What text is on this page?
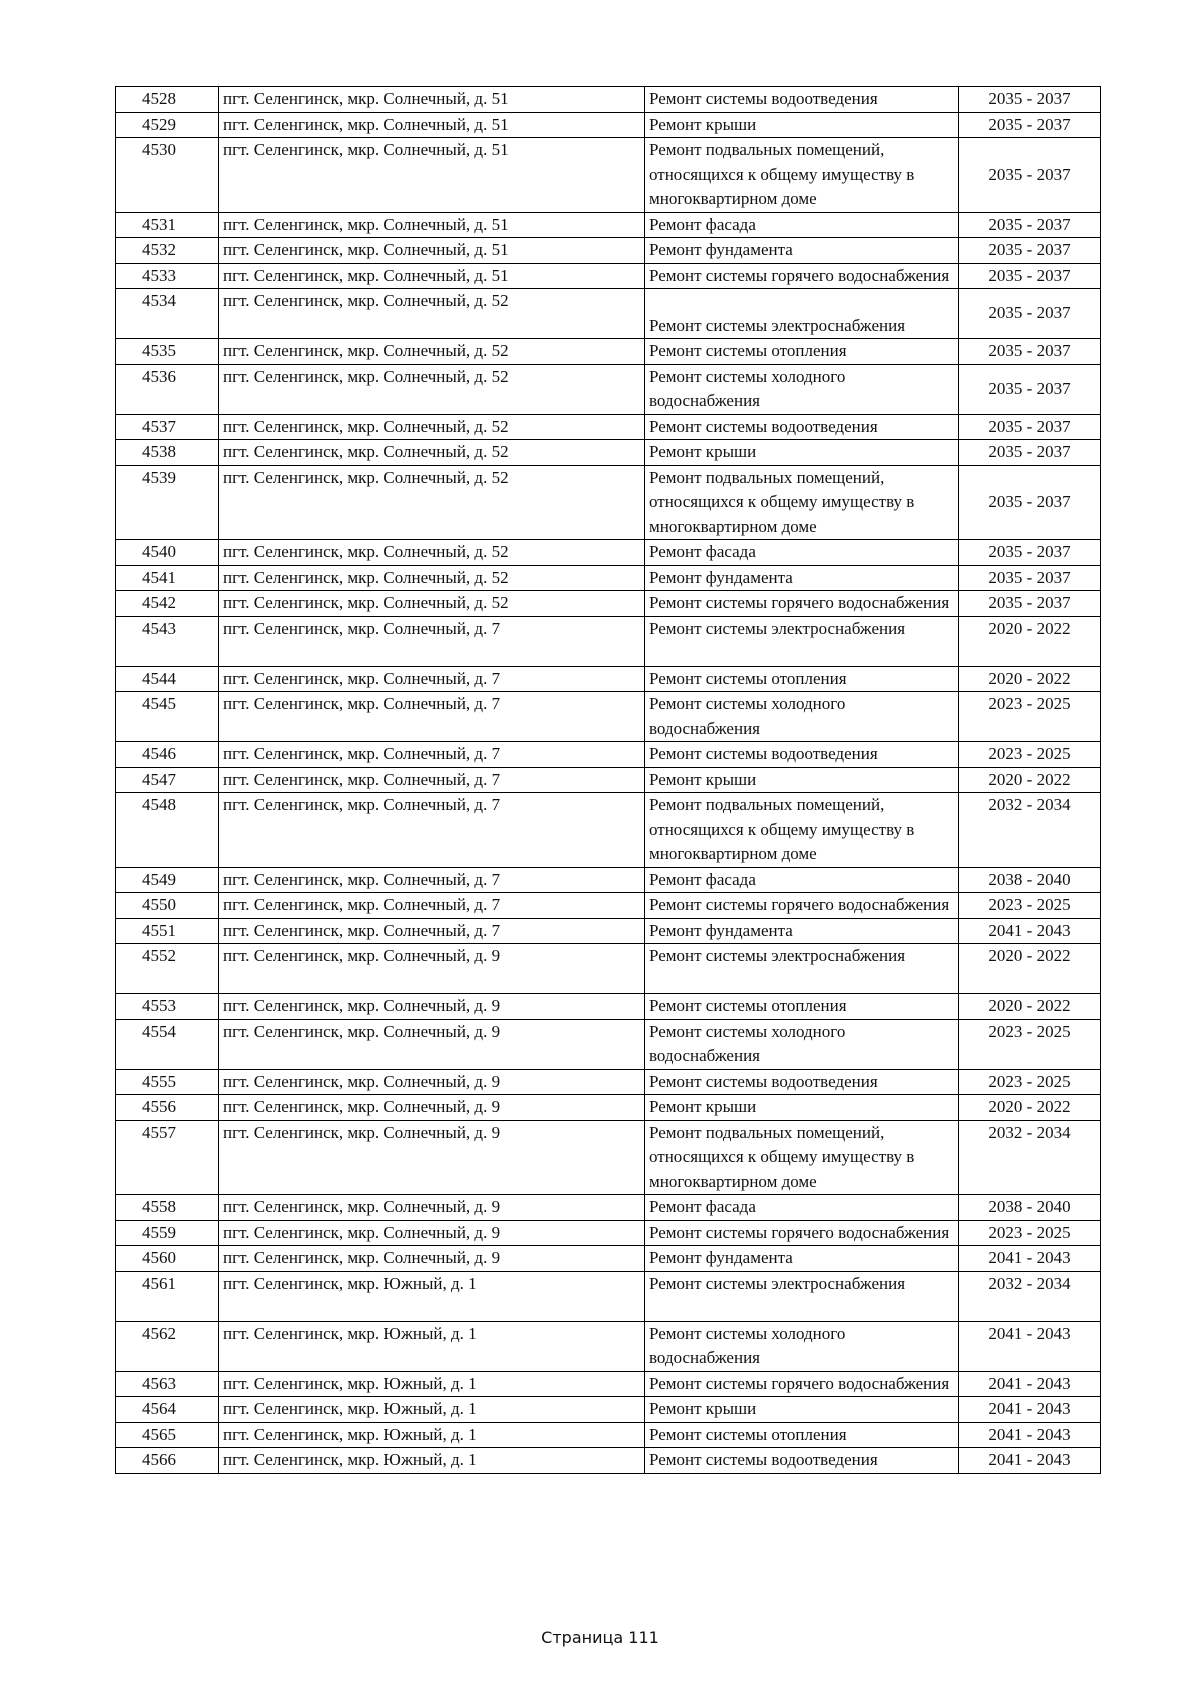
4528	пгт. Селенгинск, мкр. Солнечный, д. 51	Ремонт системы водоотведения	2035 - 2037
4529	пгт. Селенгинск, мкр. Солнечный, д. 51	Ремонт крыши	2035 - 2037
4530	пгт. Селенгинск, мкр. Солнечный, д. 51	Ремонт подвальных помещений, относящихся к общему имуществу в многоквартирном доме	2035 - 2037
4531	пгт. Селенгинск, мкр. Солнечный, д. 51	Ремонт фасада	2035 - 2037
4532	пгт. Селенгинск, мкр. Солнечный, д. 51	Ремонт фундамента	2035 - 2037
4533	пгт. Селенгинск, мкр. Солнечный, д. 51	Ремонт системы горячего водоснабжения	2035 - 2037
4534	пгт. Селенгинск, мкр. Солнечный, д. 52	Ремонт системы электроснабжения	2035 - 2037
4535	пгт. Селенгинск, мкр. Солнечный, д. 52	Ремонт системы отопления	2035 - 2037
4536	пгт. Селенгинск, мкр. Солнечный, д. 52	Ремонт системы холодного водоснабжения	2035 - 2037
4537	пгт. Селенгинск, мкр. Солнечный, д. 52	Ремонт системы водоотведения	2035 - 2037
4538	пгт. Селенгинск, мкр. Солнечный, д. 52	Ремонт крыши	2035 - 2037
4539	пгт. Селенгинск, мкр. Солнечный, д. 52	Ремонт подвальных помещений, относящихся к общему имуществу в многоквартирном доме	2035 - 2037
4540	пгт. Селенгинск, мкр. Солнечный, д. 52	Ремонт фасада	2035 - 2037
4541	пгт. Селенгинск, мкр. Солнечный, д. 52	Ремонт фундамента	2035 - 2037
4542	пгт. Селенгинск, мкр. Солнечный, д. 52	Ремонт системы горячего водоснабжения	2035 - 2037
4543	пгт. Селенгинск, мкр. Солнечный, д. 7	Ремонт системы электроснабжения	2020 - 2022
4544	пгт. Селенгинск, мкр. Солнечный, д. 7	Ремонт системы отопления	2020 - 2022
4545	пгт. Селенгинск, мкр. Солнечный, д. 7	Ремонт системы холодного водоснабжения	2023 - 2025
4546	пгт. Селенгинск, мкр. Солнечный, д. 7	Ремонт системы водоотведения	2023 - 2025
4547	пгт. Селенгинск, мкр. Солнечный, д. 7	Ремонт крыши	2020 - 2022
4548	пгт. Селенгинск, мкр. Солнечный, д. 7	Ремонт подвальных помещений, относящихся к общему имуществу в многоквартирном доме	2032 - 2034
4549	пгт. Селенгинск, мкр. Солнечный, д. 7	Ремонт фасада	2038 - 2040
4550	пгт. Селенгинск, мкр. Солнечный, д. 7	Ремонт системы горячего водоснабжения	2023 - 2025
4551	пгт. Селенгинск, мкр. Солнечный, д. 7	Ремонт фундамента	2041 - 2043
4552	пгт. Селенгинск, мкр. Солнечный, д. 9	Ремонт системы электроснабжения	2020 - 2022
4553	пгт. Селенгинск, мкр. Солнечный, д. 9	Ремонт системы отопления	2020 - 2022
4554	пгт. Селенгинск, мкр. Солнечный, д. 9	Ремонт системы холодного водоснабжения	2023 - 2025
4555	пгт. Селенгинск, мкр. Солнечный, д. 9	Ремонт системы водоотведения	2023 - 2025
4556	пгт. Селенгинск, мкр. Солнечный, д. 9	Ремонт крыши	2020 - 2022
4557	пгт. Селенгинск, мкр. Солнечный, д. 9	Ремонт подвальных помещений, относящихся к общему имуществу в многоквартирном доме	2032 - 2034
4558	пгт. Селенгинск, мкр. Солнечный, д. 9	Ремонт фасада	2038 - 2040
4559	пгт. Селенгинск, мкр. Солнечный, д. 9	Ремонт системы горячего водоснабжения	2023 - 2025
4560	пгт. Селенгинск, мкр. Солнечный, д. 9	Ремонт фундамента	2041 - 2043
4561	пгт. Селенгинск, мкр. Южный, д. 1	Ремонт системы электроснабжения	2032 - 2034
4562	пгт. Селенгинск, мкр. Южный, д. 1	Ремонт системы холодного водоснабжения	2041 - 2043
4563	пгт. Селенгинск, мкр. Южный, д. 1	Ремонт системы горячего водоснабжения	2041 - 2043
4564	пгт. Селенгинск, мкр. Южный, д. 1	Ремонт крыши	2041 - 2043
4565	пгт. Селенгинск, мкр. Южный, д. 1	Ремонт системы отопления	2041 - 2043
4566	пгт. Селенгинск, мкр. Южный, д. 1	Ремонт системы водоотведения	2041 - 2043
Страница 111
